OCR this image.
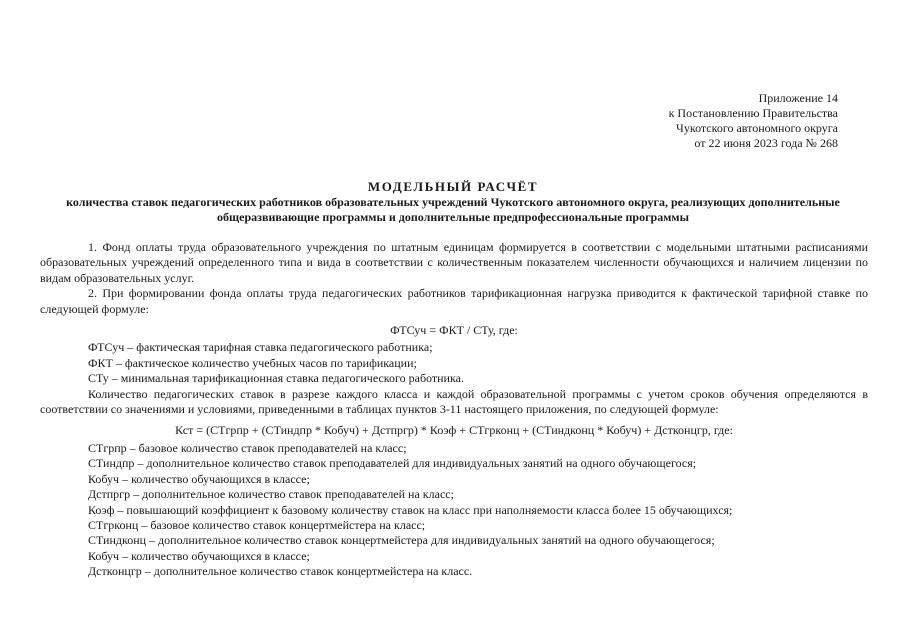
Приложение 14
к Постановлению Правительства
Чукотского автономного округа
от 22 июня 2023 года № 268
МОДЕЛЬНЫЙ РАСЧЁТ
количества ставок педагогических работников образовательных учреждений Чукотского автономного округа, реализующих дополнительные общеразвивающие программы и дополнительные предпрофессиональные программы

1. Фонд оплаты труда образовательного учреждения по штатным единицам формируется в соответствии с модельными штатными расписаниями образовательных учреждений определенного типа и вида в соответствии с количественным показателем численности обучающихся и наличием лицензии по видам образовательных услуг.

2. При формировании фонда оплаты труда педагогических работников тарификационная нагрузка приводится к фактической тарифной ставке по следующей формуле:

ФТСуч = ФКТ / СТу, где:

ФТСуч – фактическая тарифная ставка педагогического работника;

ФКТ – фактическое количество учебных часов по тарификации;

СТу – минимальная тарификационная ставка педагогического работника.

Количество педагогических ставок в разрезе каждого класса и каждой образовательной программы с учетом сроков обучения определяются в соответствии со значениями и условиями, приведенными в таблицах пунктов 3-11 настоящего приложения, по следующей формуле:

Кст = (СТгрпр + (СТиндпр * Кобуч) + Дстпргр) * Коэф + СТгрконц + (СТиндконц * Кобуч) + Дстконцгр, где:

СТгрпр – базовое количество ставок преподавателей на класс;

СТиндпр – дополнительное количество ставок преподавателей для индивидуальных занятий на одного обучающегося;

Кобуч – количество обучающихся в классе;

Дстпргр – дополнительное количество ставок преподавателей на класс;

Коэф – повышающий коэффициент к базовому количеству ставок на класс при наполняемости класса более 15 обучающихся;

СТгрконц – базовое количество ставок концертмейстера на класс;

СТиндконц – дополнительное количество ставок концертмейстера для индивидуальных занятий на одного обучающегося;

Кобуч – количество обучающихся в классе;

Дстконцгр – дополнительное количество ставок концертмейстера на класс.
